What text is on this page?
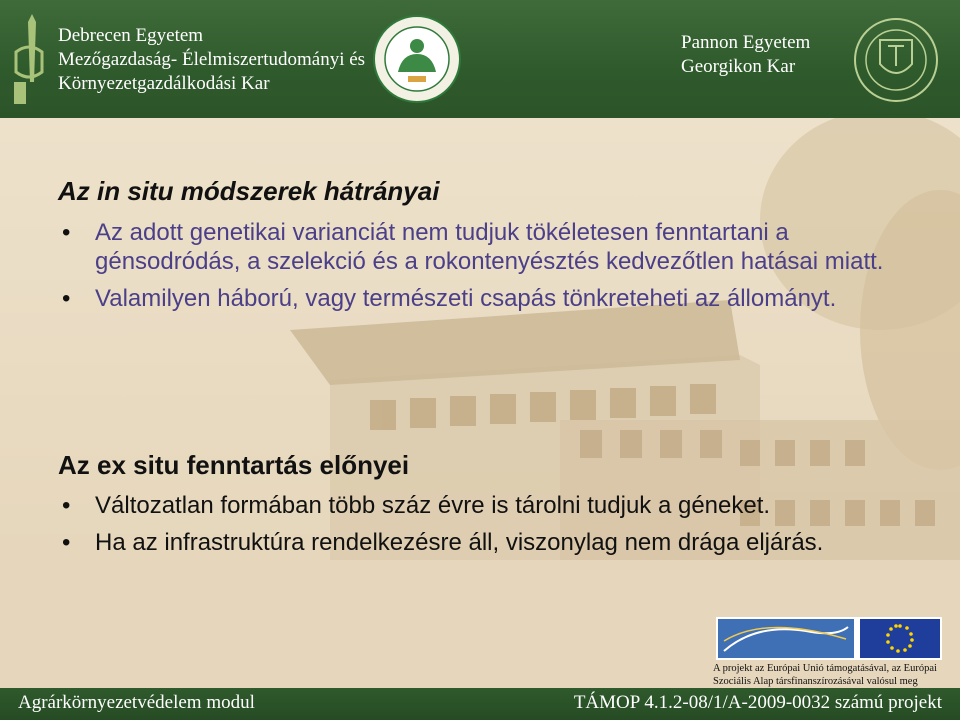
Debrecen Egyetem
Mezőgazdaság- Élelmiszertudományi és
Környezetgazdálkodási Kar
Pannon Egyetem
Georgikon Kar
Az in situ módszerek hátrányai
• Az adott genetikai varianciát nem tudjuk tökéletesen fenntartani a génsodródás, a szelekció és a rokontenyésztés kedvezőtlen hatásai miatt.
• Valamilyen háború, vagy természeti csapás tönkreteheti az állományt.
Az ex situ fenntartás előnyei
• Változatlan formában több száz évre is tárolni tudjuk a géneket.
• Ha az infrastruktúra rendelkezésre áll, viszonylag nem drága eljárás.
A projekt az Európai Unió támogatásával, az Európai
Szociális Alap társfinanszírozásával valósul meg
Agrárkörnyezetvédelem modul	TÁMOP 4.1.2-08/1/A-2009-0032 számú projekt
